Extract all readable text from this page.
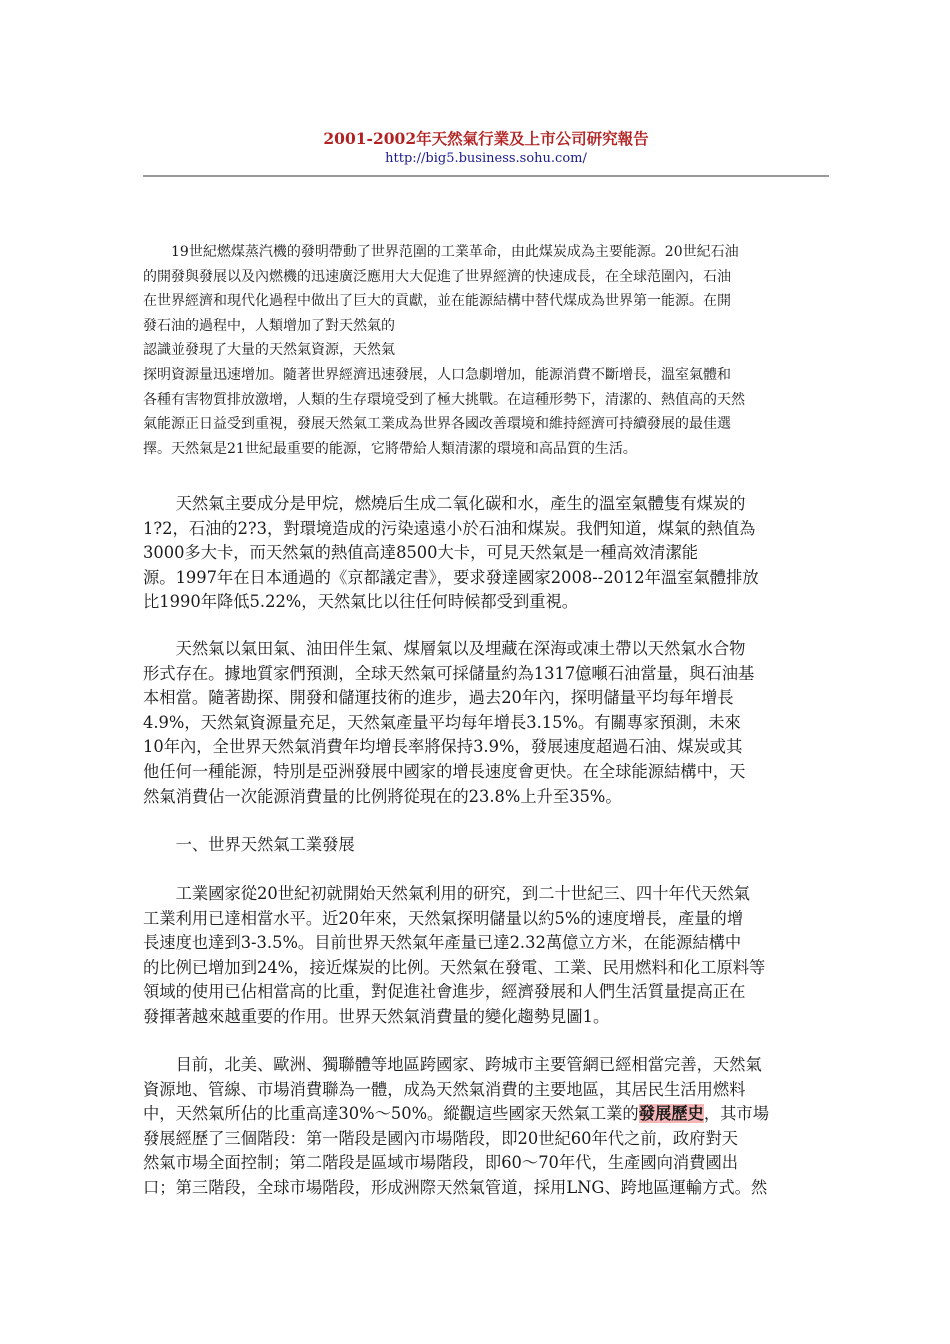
2001-2002年天然氣行業及上市公司研究報告

http://big5.business.sohu.com/

19世紀燃煤蒸汽機的發明帶動了世界范圍的工業革命，由此煤炭成為主要能源。20世紀石油
的開發與發展以及內燃機的迅速廣泛應用大大促進了世界經濟的快速成長，在全球范圍內，石油
在世界經濟和現代化過程中做出了巨大的貢獻，並在能源結構中替代煤成為世界第一能源。在開
發石油的過程中，人類增加了對天然氣的
認識並發現了大量的天然氣資源，天然氣
探明資源量迅速增加。隨著世界經濟迅速發展，人口急劇增加，能源消費不斷增長，溫室氣體和
各種有害物質排放激增，人類的生存環境受到了極大挑戰。在這種形勢下，清潔的、熱值高的天然
氣能源正日益受到重視，發展天然氣工業成為世界各國改善環境和維持經濟可持續發展的最佳選
擇。天然氣是21世紀最重要的能源，它將帶給人類清潔的環境和高品質的生活。
天然氣主要成分是甲烷，燃燒后生成二氧化碳和水，產生的溫室氣體隻有煤炭的
1?2，石油的2?3，對環境造成的污染遠遠小於石油和煤炭。我們知道，煤氣的熱值為
3000多大卡，而天然氣的熱值高達8500大卡，可見天然氣是一種高效清潔能
源。1997年在日本通過的《京都議定書》，要求發達國家2008--2012年溫室氣體排放
比1990年降低5.22%，天然氣比以往任何時候都受到重視。
天然氣以氣田氣、油田伴生氣、煤層氣以及埋藏在深海或凍土帶以天然氣水合物
形式存在。據地質家們預測，全球天然氣可採儲量約為1317億噸石油當量，與石油基
本相當。隨著勘探、開發和儲運技術的進步，過去20年內，探明儲量平均每年增長
4.9%，天然氣資源量充足，天然氣產量平均每年增長3.15%。有關專家預測，未來
10年內，全世界天然氣消費年均增長率將保持3.9%，發展速度超過石油、煤炭或其
他任何一種能源，特別是亞洲發展中國家的增長速度會更快。在全球能源結構中，天
然氣消費佔一次能源消費量的比例將從現在的23.8%上升至35%。
一、世界天然氣工業發展
工業國家從20世紀初就開始天然氣利用的研究，到二十世紀三、四十年代天然氣
工業利用已達相當水平。近20年來，天然氣探明儲量以約5%的速度增長，產量的增
長速度也達到3-3.5%。目前世界天然氣年產量已達2.32萬億立方米，在能源結構中
的比例已增加到24%，接近煤炭的比例。天然氣在發電、工業、民用燃料和化工原料等
領域的使用已佔相當高的比重，對促進社會進步，經濟發展和人們生活質量提高正在
發揮著越來越重要的作用。世界天然氣消費量的變化趨勢見圖1。
目前，北美、歐洲、獨聯體等地區跨國家、跨城市主要管網已經相當完善，天然氣
資源地、管線、市場消費聯為一體，成為天然氣消費的主要地區，其居民生活用燃料
中，天然氣所佔的比重高達30%～50%。縱觀這些國家天然氣工業的發展歷史，其市場
發展經歷了三個階段：第一階段是國內市場階段，即20世紀60年代之前，政府對天
然氣市場全面控制；第二階段是區域市場階段，即60～70年代，生產國向消費國出
口；第三階段，全球市場階段，形成洲際天然氣管道，採用LNG、跨地區運輸方式。然
